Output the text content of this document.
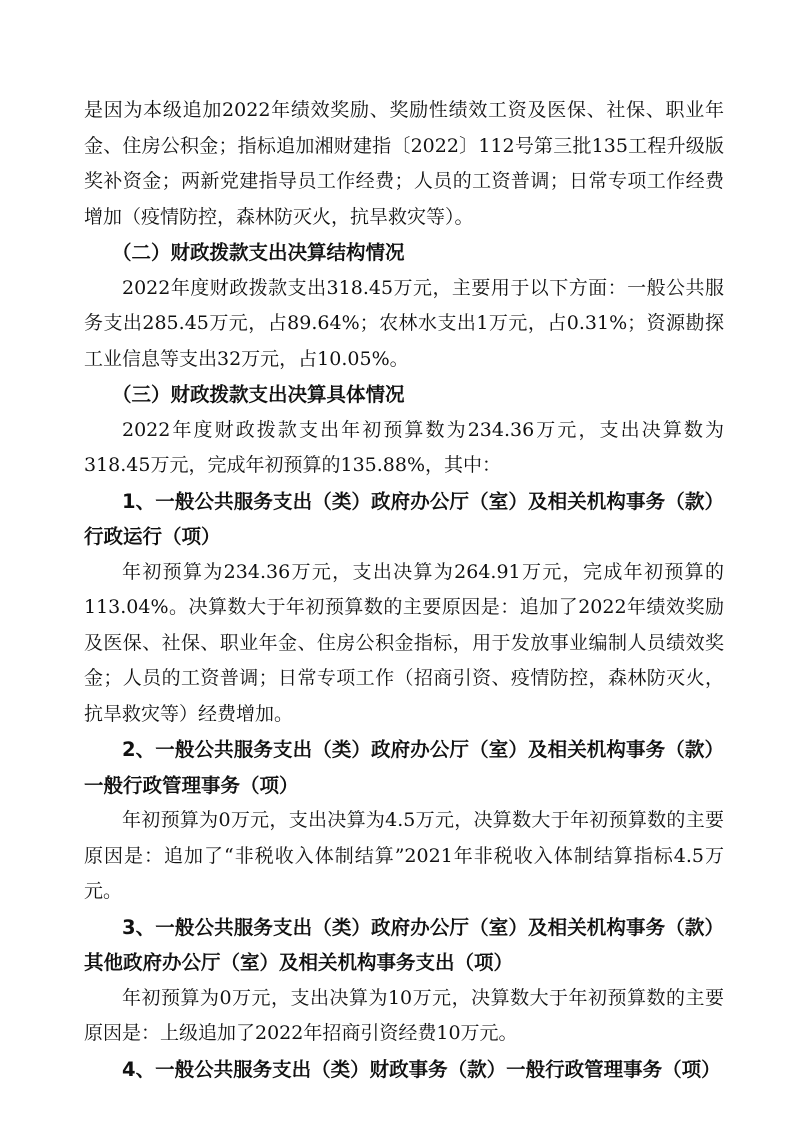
是因为本级追加2022年绩效奖励、奖励性绩效工资及医保、社保、职业年金、住房公积金；指标追加湘财建指〔2022〕112号第三批135工程升级版奖补资金；两新党建指导员工作经费；人员的工资普调；日常专项工作经费增加（疫情防控，森林防灭火，抗旱救灾等）。

（二）财政拨款支出决算结构情况

2022年度财政拨款支出318.45万元，主要用于以下方面：一般公共服务支出285.45万元，占89.64%；农林水支出1万元，占0.31%；资源勘探工业信息等支出32万元，占10.05%。

（三）财政拨款支出决算具体情况

2022年度财政拨款支出年初预算数为234.36万元，支出决算数为318.45万元，完成年初预算的135.88%，其中：

1、一般公共服务支出（类）政府办公厅（室）及相关机构事务（款）行政运行（项）

年初预算为234.36万元，支出决算为264.91万元，完成年初预算的113.04%。决算数大于年初预算数的主要原因是：追加了2022年绩效奖励及医保、社保、职业年金、住房公积金指标，用于发放事业编制人员绩效奖金；人员的工资普调；日常专项工作（招商引资、疫情防控，森林防灭火，抗旱救灾等）经费增加。

2、一般公共服务支出（类）政府办公厅（室）及相关机构事务（款）一般行政管理事务（项）

年初预算为0万元，支出决算为4.5万元，决算数大于年初预算数的主要原因是：追加了“非税收入体制结算”2021年非税收入体制结算指标4.5万元。

3、一般公共服务支出（类）政府办公厅（室）及相关机构事务（款）其他政府办公厅（室）及相关机构事务支出（项）

年初预算为0万元，支出决算为10万元，决算数大于年初预算数的主要原因是：上级追加了2022年招商引资经费10万元。

4、一般公共服务支出（类）财政事务（款）一般行政管理事务（项）
